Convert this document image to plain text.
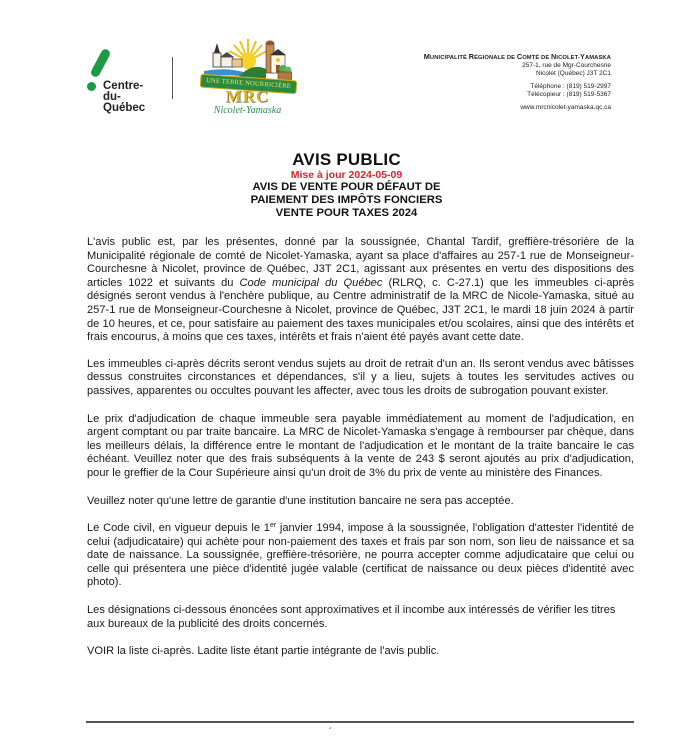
Centre-
du-
Québec
UNE TERRE NOURRICIÈRE
MRC
Nicolet-Yamaska
MUNICIPALITÉ RÉGIONALE DE COMTÉ DE NICOLET-YAMASKA
257-1, rue de Mgr-Courchesne
Nicolet (Québec) J3T 2C1
Téléphone : (819) 519-2997
Télécopieur : (819) 519-5367
www.mrcnicolet-yamaska.qc.ca
AVIS PUBLIC
Mise à jour 2024-05-09
AVIS DE VENTE POUR DÉFAUT DE
PAIEMENT DES IMPÔTS FONCIERS
VENTE POUR TAXES 2024

L'avis public est, par les présentes, donné par la soussignée, Chantal Tardif, greffière-trésorière de la Municipalité régionale de comté de Nicolet-Yamaska, ayant sa place d'affaires au 257-1 rue de Monseigneur- Courchesne à Nicolet, province de Québec, J3T 2C1, agissant aux présentes en vertu des dispositions des articles 1022 et suivants du Code municipal du Québec (RLRQ, c. C-27.1) que les immeubles ci-après désignés seront vendus à l'enchère publique, au Centre administratif de la MRC de Nicole-Yamaska, situé au 257-1 rue de Monseigneur-Courchesne à Nicolet, province de Québec, J3T 2C1, le mardi 18 juin 2024 à partir de 10 heures, et ce, pour satisfaire au paiement des taxes municipales et/ou scolaires, ainsi que des intérêts et frais encourus, à moins que ces taxes, intérêts et frais n'aient été payés avant cette date.

Les immeubles ci-après décrits seront vendus sujets au droit de retrait d'un an. Ils seront vendus avec bâtisses dessus construites circonstances et dépendances, s'il y a lieu, sujets à toutes les servitudes actives ou passives, apparentes ou occultes pouvant les affecter, avec tous les droits de subrogation pouvant exister.

Le prix d'adjudication de chaque immeuble sera payable immédiatement au moment de l'adjudication, en argent comptant ou par traite bancaire. La MRC de Nicolet-Yamaska s'engage à rembourser par chèque, dans les meilleurs délais, la différence entre le montant de l'adjudication et le montant de la traite bancaire le cas échéant. Veuillez noter que des frais subséquents à la vente de 243 $ seront ajoutés au prix d'adjudication, pour le greffier de la Cour Supérieure ainsi qu'un droit de 3% du prix de vente au ministère des Finances.

Veuillez noter qu'une lettre de garantie d'une institution bancaire ne sera pas acceptée.

Le Code civil, en vigueur depuis le 1er janvier 1994, impose à la soussignée, l'obligation d'attester l'identité de celui (adjudicataire) qui achète pour non-paiement des taxes et frais par son nom, son lieu de naissance et sa date de naissance. La soussignée, greffière-trésorière, ne pourra accepter comme adjudicataire que celui ou celle qui présentera une pièce d'identité jugée valable (certificat de naissance ou deux pièces d'identité avec photo).

Les désignations ci-dessous énoncées sont approximatives et il incombe aux intéressés de vérifier les titres aux bureaux de la publicité des droits concernés.

VOIR la liste ci-après. Ladite liste étant partie intégrante de l'avis public.

´
